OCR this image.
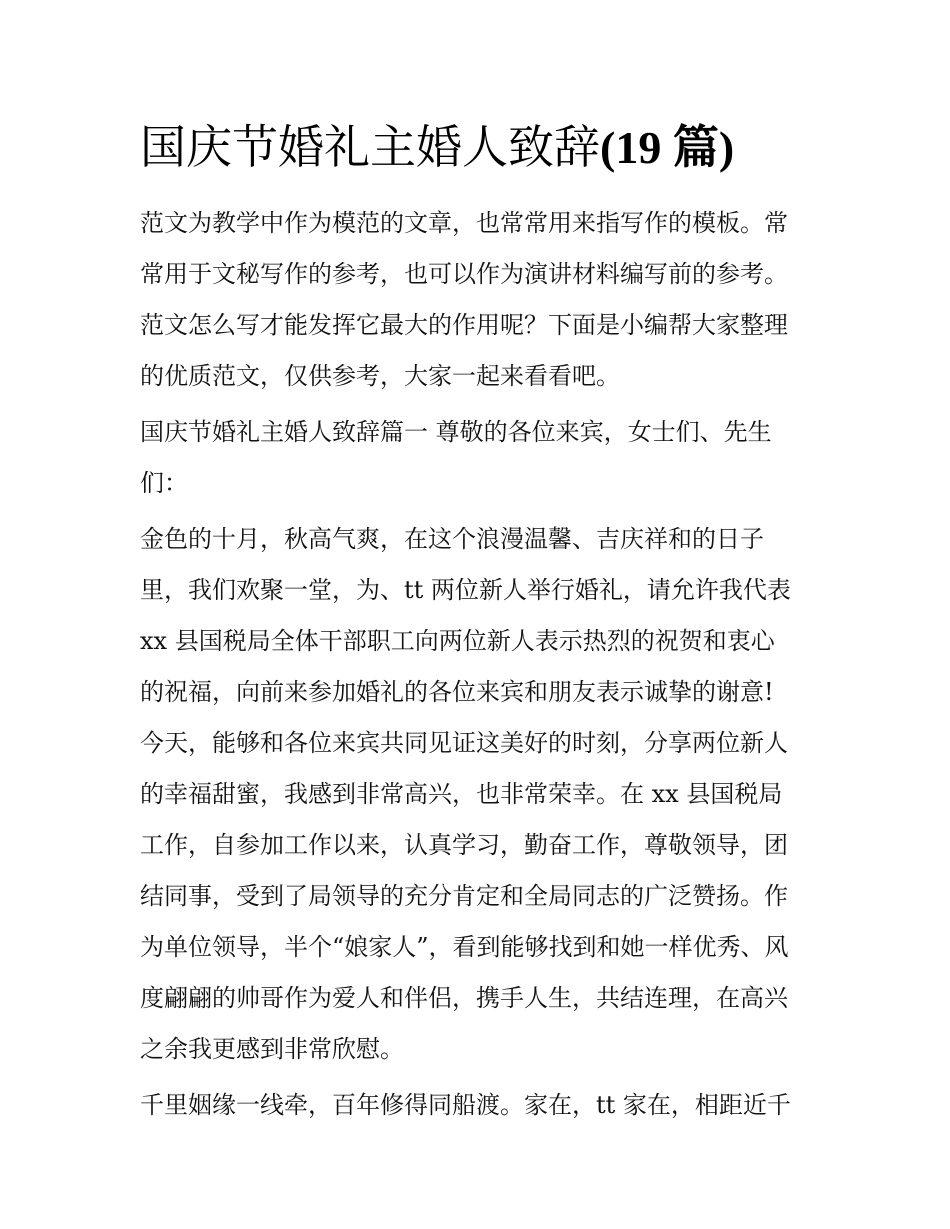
国庆节婚礼主婚人致辞(19 篇)
范文为教学中作为模范的文章，也常常用来指写作的模板。常
常用于文秘写作的参考，也可以作为演讲材料编写前的参考。
范文怎么写才能发挥它最大的作用呢？下面是小编帮大家整理
的优质范文，仅供参考，大家一起来看看吧。
国庆节婚礼主婚人致辞篇一 尊敬的各位来宾，女士们、先生
们：
金色的十月，秋高气爽，在这个浪漫温馨、吉庆祥和的日子
里，我们欢聚一堂，为、tt 两位新人举行婚礼，请允许我代表
xx 县国税局全体干部职工向两位新人表示热烈的祝贺和衷心
的祝福，向前来参加婚礼的各位来宾和朋友表示诚挚的谢意!
今天，能够和各位来宾共同见证这美好的时刻，分享两位新人
的幸福甜蜜，我感到非常高兴，也非常荣幸。在 xx 县国税局
工作，自参加工作以来，认真学习，勤奋工作，尊敬领导，团
结同事，受到了局领导的充分肯定和全局同志的广泛赞扬。作
为单位领导，半个“娘家人”，看到能够找到和她一样优秀、风
度翩翩的帅哥作为爱人和伴侣，携手人生，共结连理，在高兴
之余我更感到非常欣慰。
千里姻缘一线牵，百年修得同船渡。家在，tt 家在，相距近千
